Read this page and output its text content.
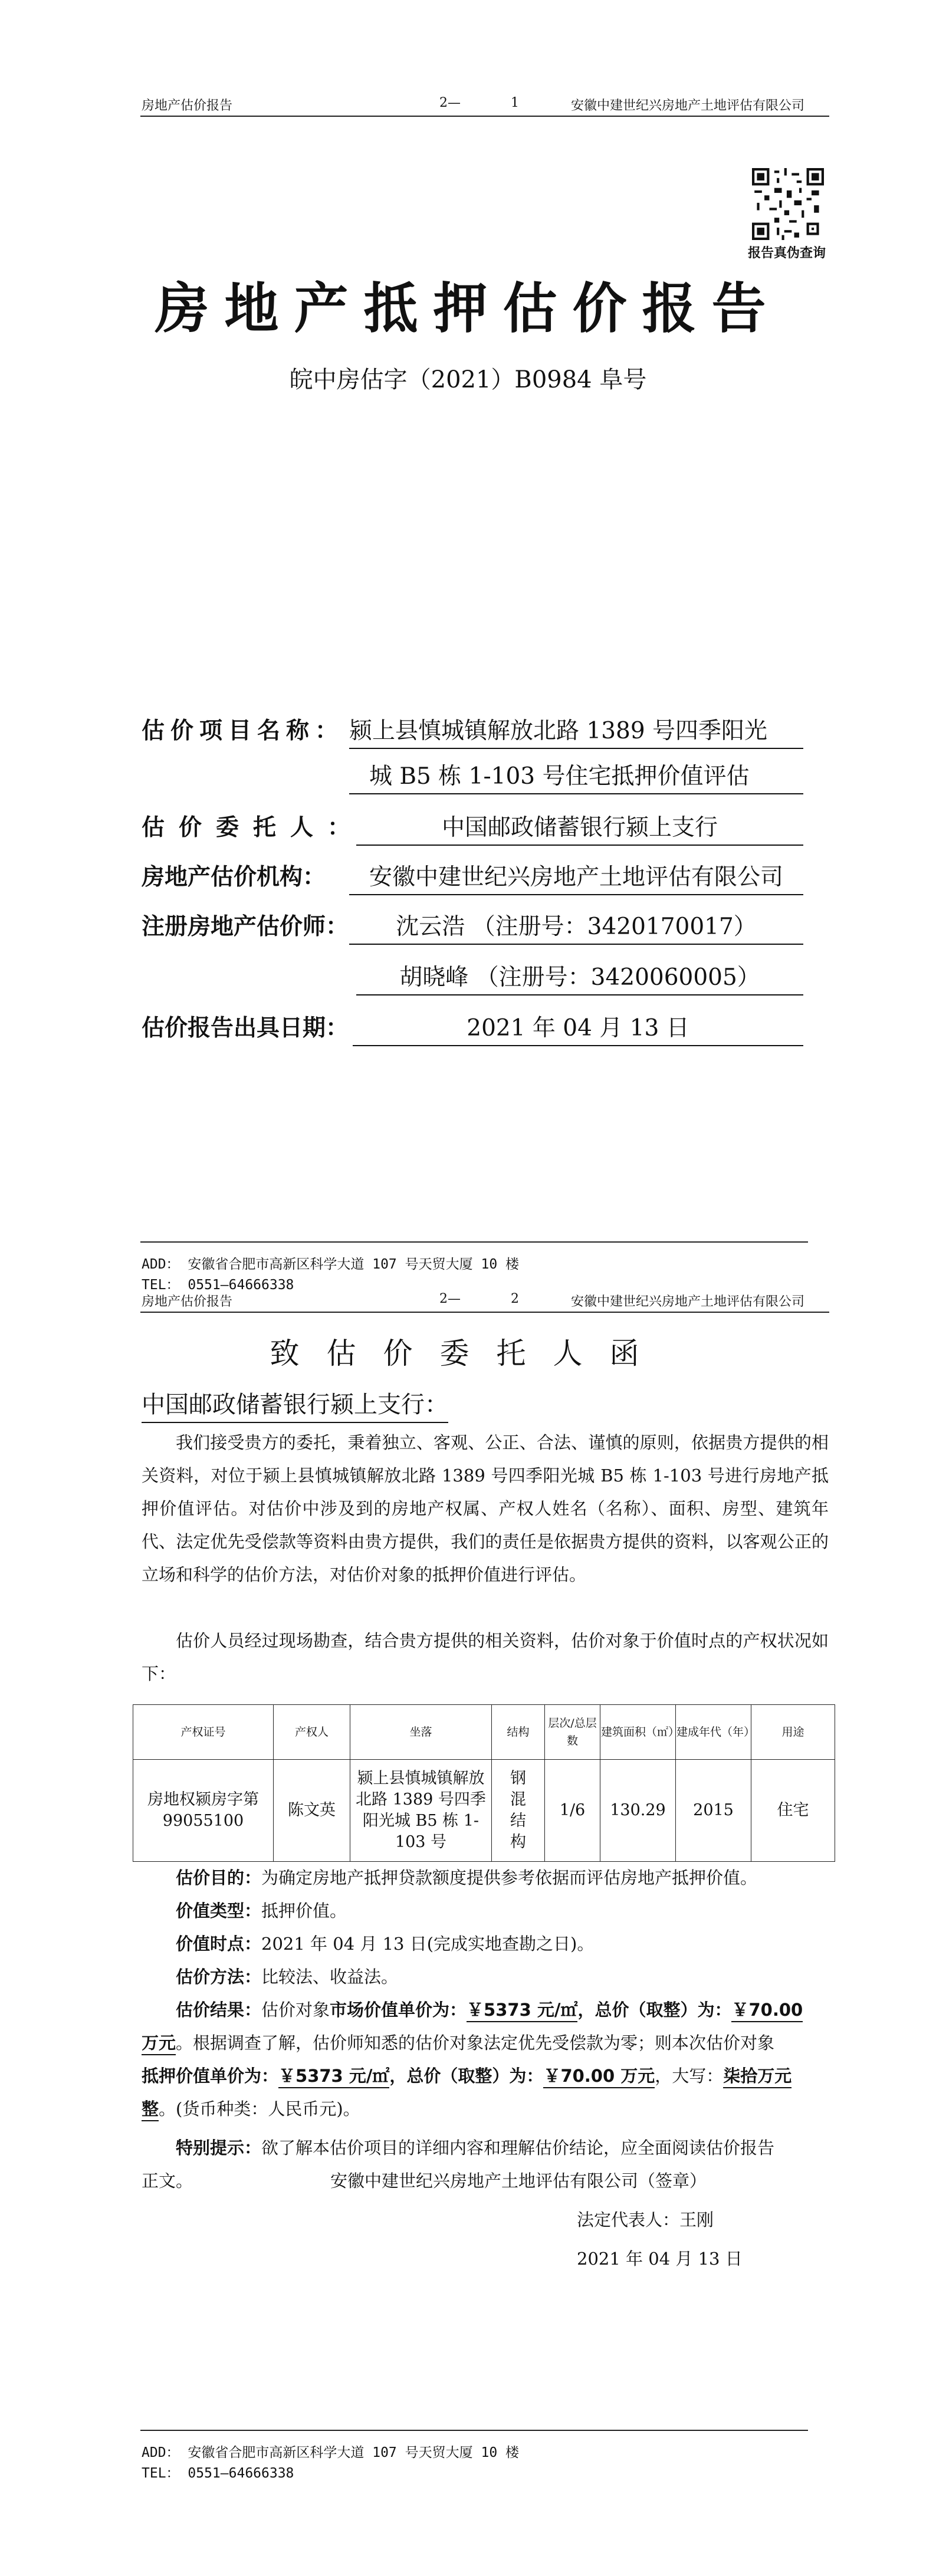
房地产估价报告	2—	1	安徽中建世纪兴房地产土地评估有限公司
报告真伪查询
房地产抵押估价报告
皖中房估字（2021）B0984 阜号
估价项目名称： 颍上县慎城镇解放北路 1389 号四季阳光
城 B5 栋 1-103 号住宅抵押价值评估
估价委托人：	中国邮政储蓄银行颍上支行
房地产估价机构：	安徽中建世纪兴房地产土地评估有限公司
注册房地产估价师：	沈云浩 （注册号：3420170017）
胡晓峰 （注册号：3420060005）
估价报告出具日期：	2021 年 04 月 13 日
ADD： 安徽省合肥市高新区科学大道 107 号天贸大厦 10 楼
TEL： 0551—64666338
房地产估价报告	2—	2	安徽中建世纪兴房地产土地评估有限公司
致估价委托人函
中国邮政储蓄银行颍上支行：
我们接受贵方的委托，秉着独立、客观、公正、合法、谨慎的原则，依据贵方提供的相关资料，对位于颍上县慎城镇解放北路 1389 号四季阳光城 B5 栋 1-103 号进行房地产抵押价值评估。对估价中涉及到的房地产权属、产权人姓名（名称）、面积、房型、建筑年代、法定优先受偿款等资料由贵方提供，我们的责任是依据贵方提供的资料，以客观公正的立场和科学的估价方法，对估价对象的抵押价值进行评估。
估价人员经过现场勘查，结合贵方提供的相关资料，估价对象于价值时点的产权状况如下：
产权证号	产权人	坐落	结构	层次/总层数	建筑面积（㎡）	建成年代（年）	用途
房地权颍房字第 99055100	陈文英	颍上县慎城镇解放北路 1389 号四季阳光城 B5 栋 1-103 号	钢混结构	1/6	130.29	2015	住宅
估价目的：为确定房地产抵押贷款额度提供参考依据而评估房地产抵押价值。
价值类型：抵押价值。
价值时点：2021 年 04 月 13 日(完成实地查勘之日)。
估价方法：比较法、收益法。
估价结果：估价对象市场价值单价为：￥5373 元/㎡，总价（取整）为：￥70.00
万元。根据调查了解，估价师知悉的估价对象法定优先受偿款为零；则本次估价对象
抵押价值单价为：￥5373 元/㎡，总价（取整）为：￥70.00 万元，大写：柒拾万元
整。(货币种类：人民币元)。
特别提示：欲了解本估价项目的详细内容和理解估价结论，应全面阅读估价报告
正文。	安徽中建世纪兴房地产土地评估有限公司（签章）
法定代表人：王刚
2021 年 04 月 13 日
ADD： 安徽省合肥市高新区科学大道 107 号天贸大厦 10 楼
TEL： 0551—64666338
